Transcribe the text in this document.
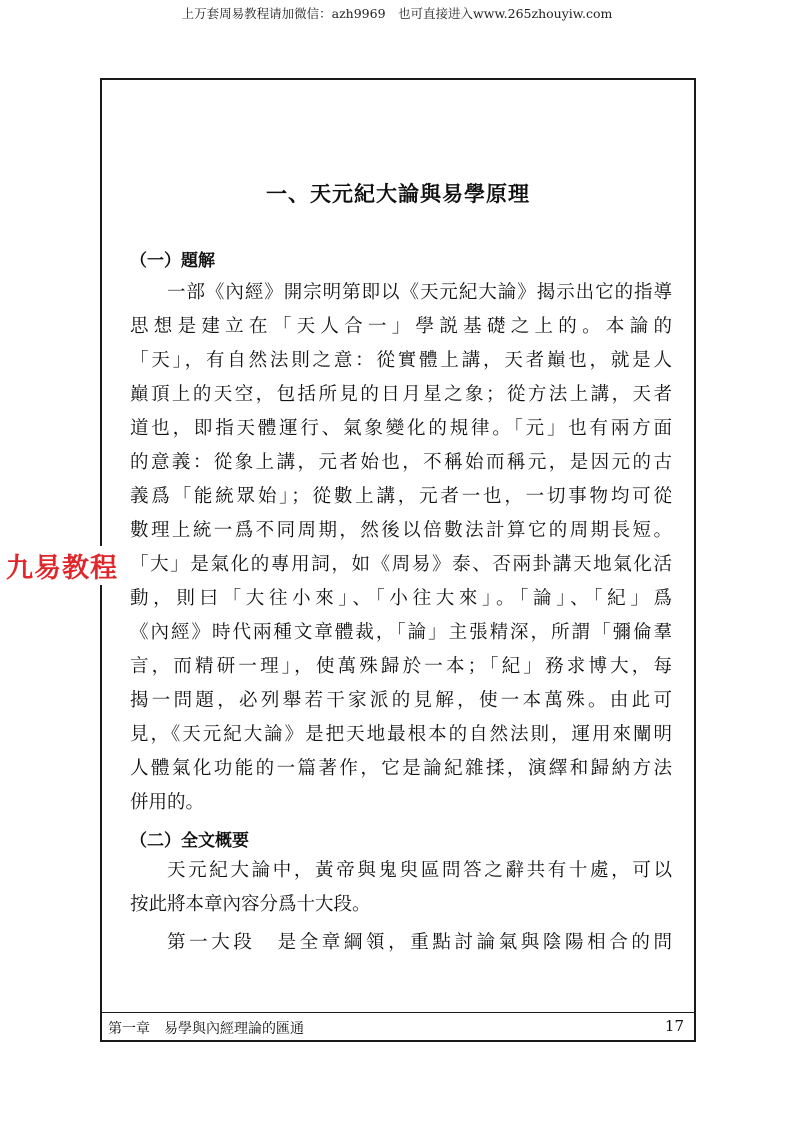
上万套周易教程请加微信：azh9969　也可直接进入www.265zhouyiw.com
一、天元紀大論與易學原理
（一）題解
一部《內經》開宗明第即以《天元紀大論》揭示出它的指導
思想是建立在「天人合一」學説基礎之上的。本論的
「天」，有自然法則之意：從實體上講，天者巔也，就是人
巔頂上的天空，包括所見的日月星之象；從方法上講，天者
道也，即指天體運行、氣象變化的規律。「元」也有兩方面
的意義：從象上講，元者始也，不稱始而稱元，是因元的古
義爲「能統眾始」；從數上講，元者一也，一切事物均可從
數理上統一爲不同周期，然後以倍數法計算它的周期長短。
「大」是氣化的專用詞，如《周易》泰、否兩卦講天地氣化活
動，則曰「大往小來」、「小往大來」。「論」、「紀」爲
《內經》時代兩種文章體裁，「論」主張精深，所謂「彌倫羣
言，而精研一理」，使萬殊歸於一本；「紀」務求博大，每
揭一問題，必列舉若干家派的見解，使一本萬殊。由此可
見，《天元紀大論》是把天地最根本的自然法則，運用來闡明
人體氣化功能的一篇著作，它是論紀雜揉，演繹和歸納方法
併用的。
（二）全文概要
天元紀大論中，黃帝與鬼臾區問答之辭共有十處，可以
按此將本章內容分爲十大段。
第一大段　是全章綱領，重點討論氣與陰陽相合的問
第一章　易學與內經理論的匯通	17
九易教程
